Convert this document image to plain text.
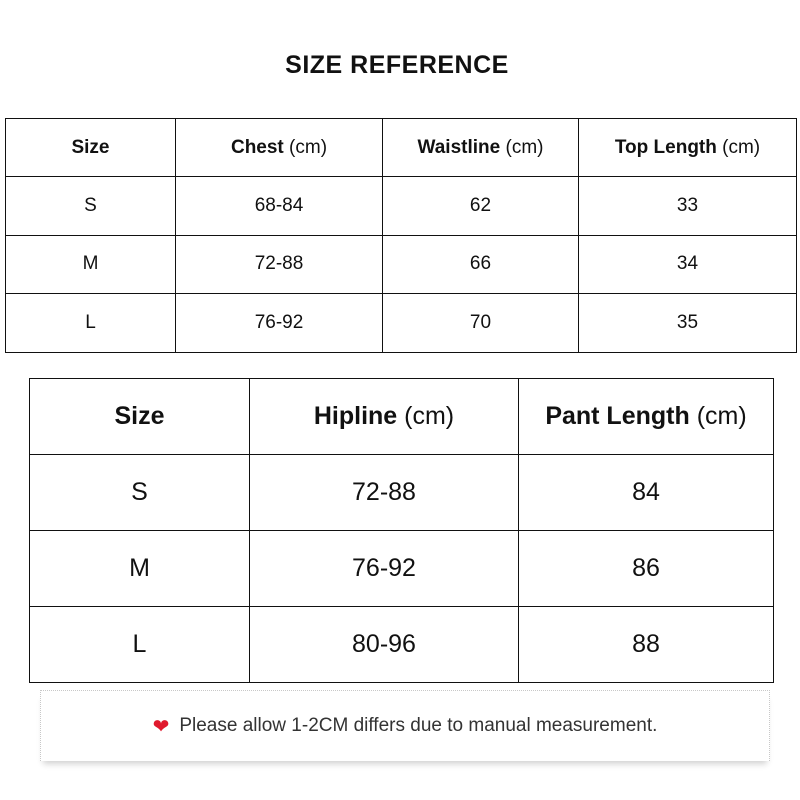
SIZE REFERENCE
Size	Chest (cm)	Waistline (cm)	Top Length (cm)
S	68-84	62	33
M	72-88	66	34
L	76-92	70	35
Size	Hipline (cm)	Pant Length (cm)
S	72-88	84
M	76-92	86
L	80-96	88
❤ Please allow 1-2CM differs due to manual measurement.
